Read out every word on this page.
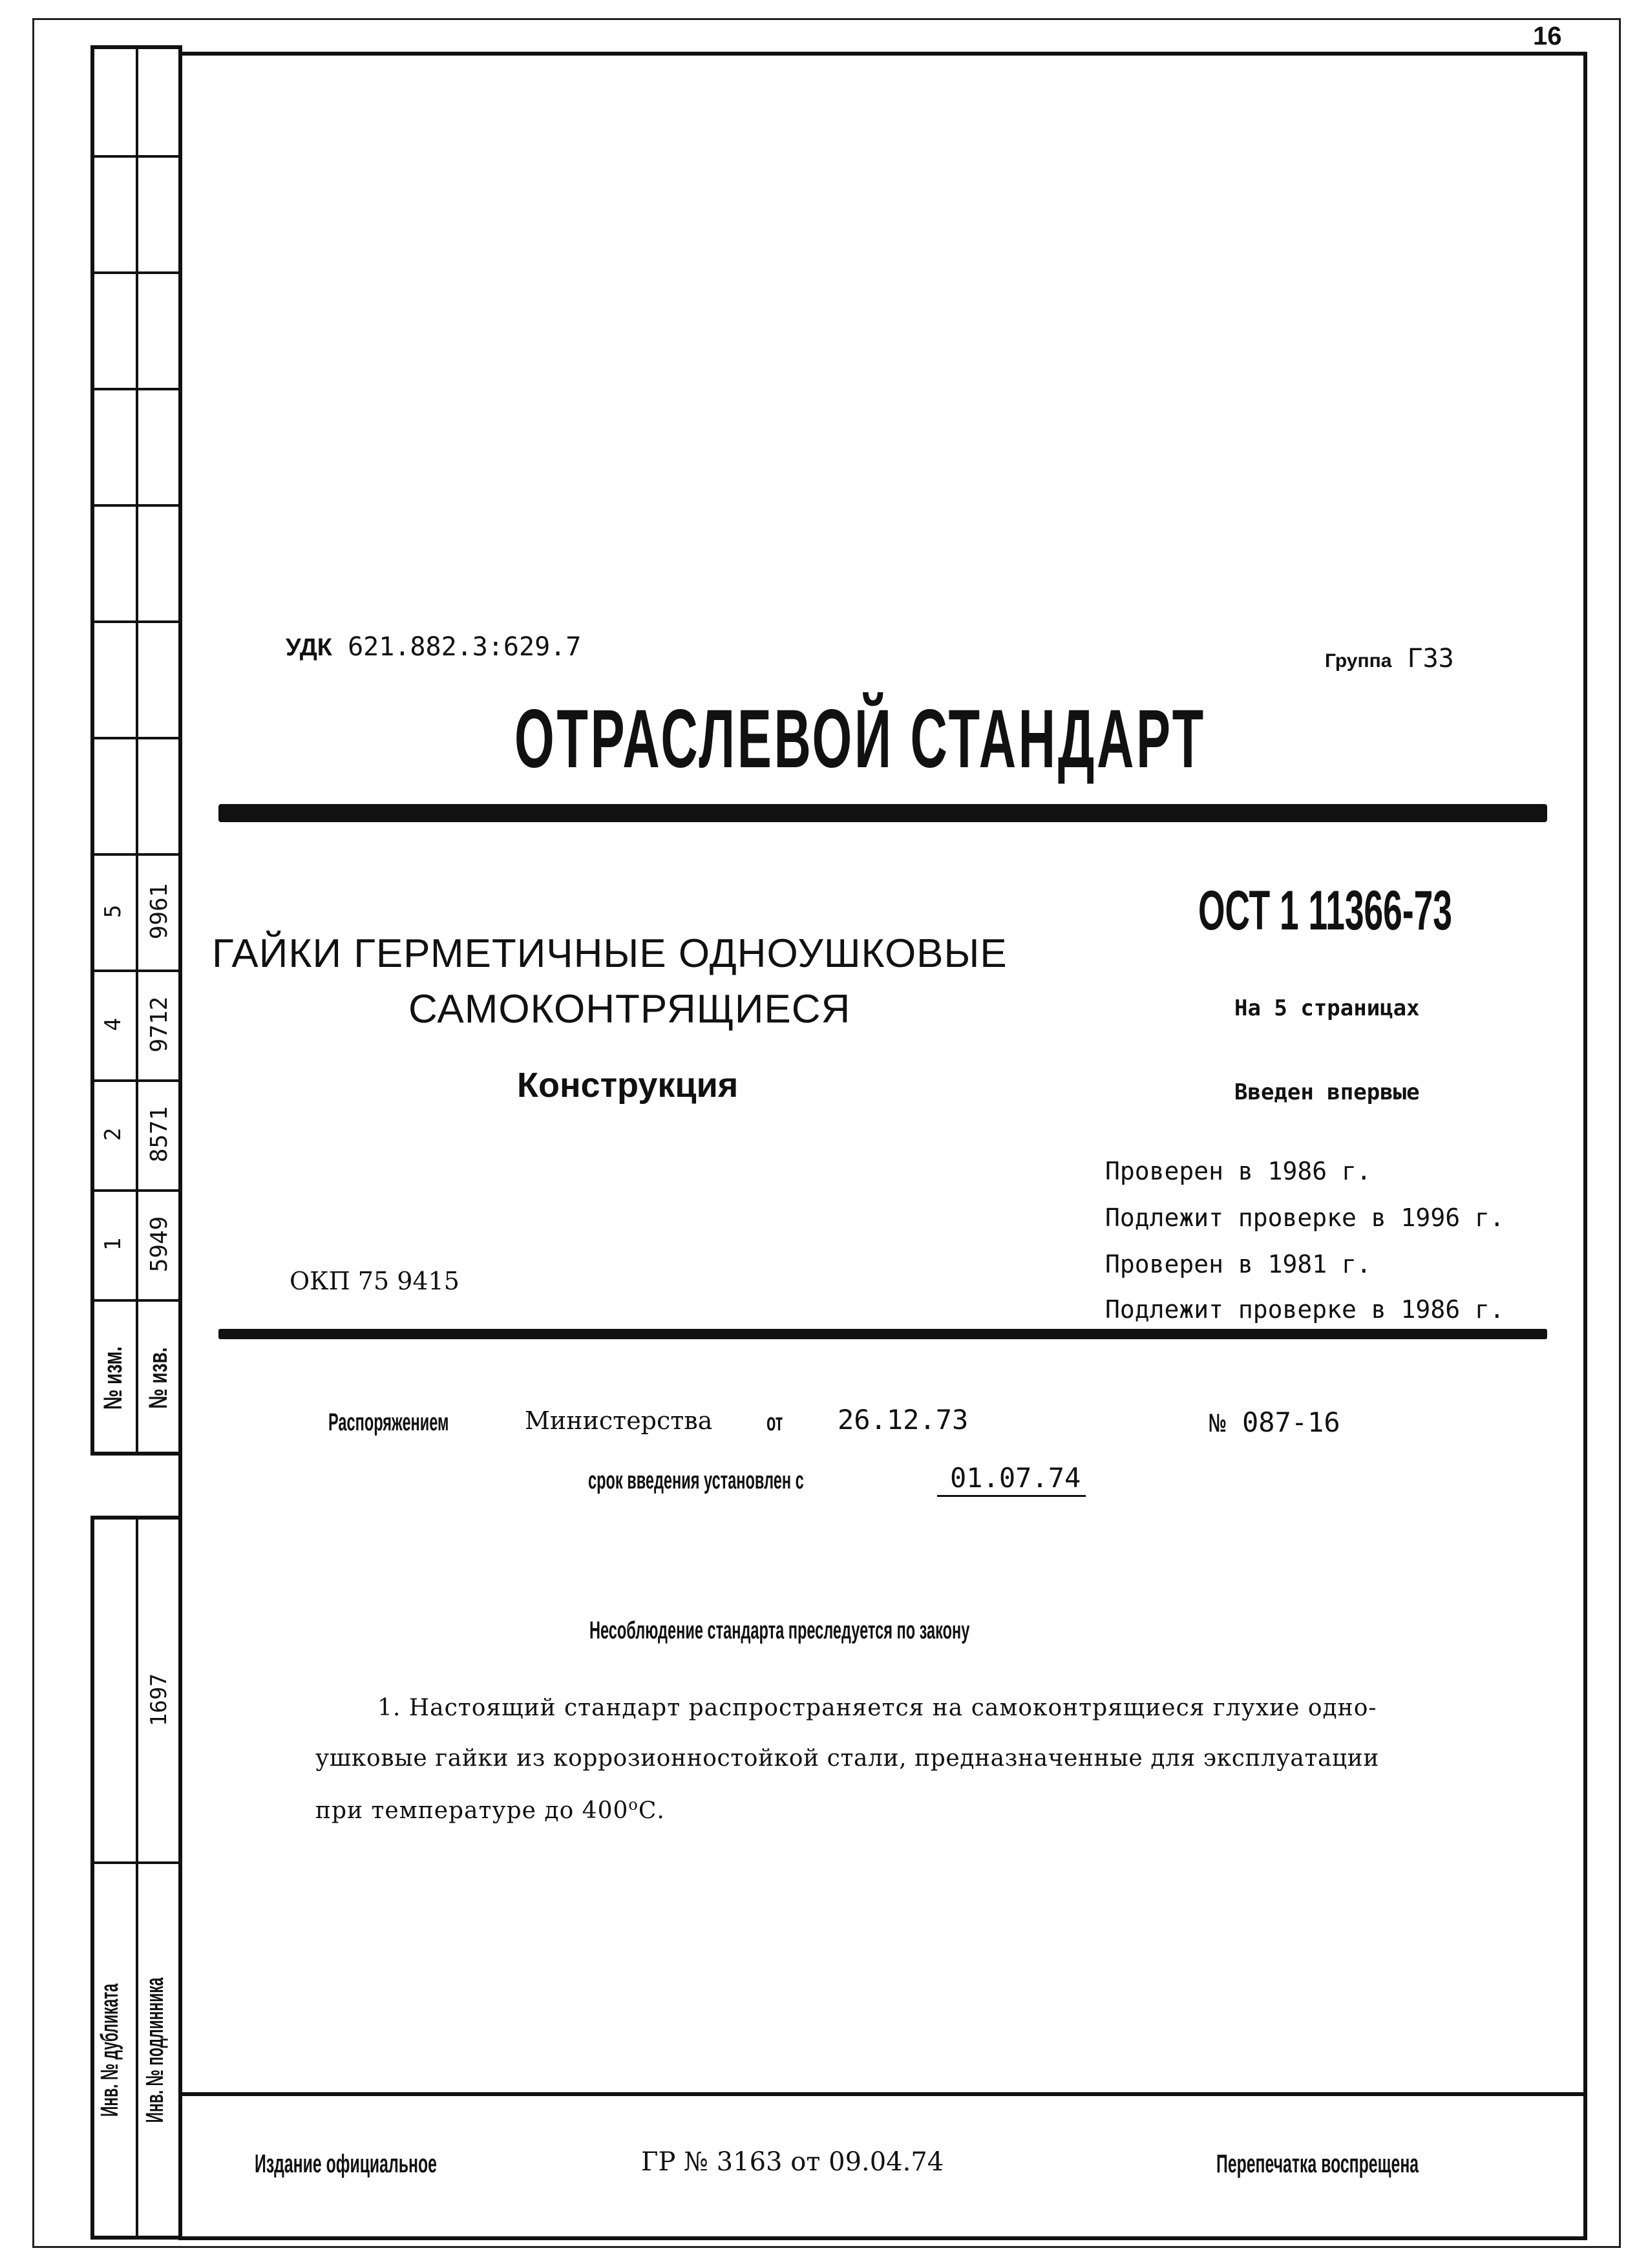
16
5 9961
4 9712
2 8571
1 5949
№ изм. № изв.
1697
Инв. № дубликата Инв. № подлинника
УДК 621.882.3:629.7	Группа Г33
ОТРАСЛЕВОЙ СТАНДАРТ
ОСТ 1 11366-73
ГАЙКИ ГЕРМЕТИЧНЫЕ ОДНОУШКОВЫЕ
САМОКОНТРЯЩИЕСЯ
Конструкция
На 5 страницах
Введен впервые
Проверен в 1986 г.
Подлежит проверке в 1996 г.
Проверен в 1981 г.
Подлежит проверке в 1986 г.
ОКП 75 9415
Распоряжением	Министерства от 26.12.73	№ 087-16
срок введения установлен с	01.07.74
Несоблюдение стандарта преследуется по закону
1. Настоящий стандарт распространяется на самоконтрящиеся глухие одно-
ушковые гайки из коррозионностойкой стали, предназначенные для эксплуатации
при температуре до 400$^o$С.
Издание официальное	ГР № 3163 от 09.04.74	Перепечатка воспрещена
